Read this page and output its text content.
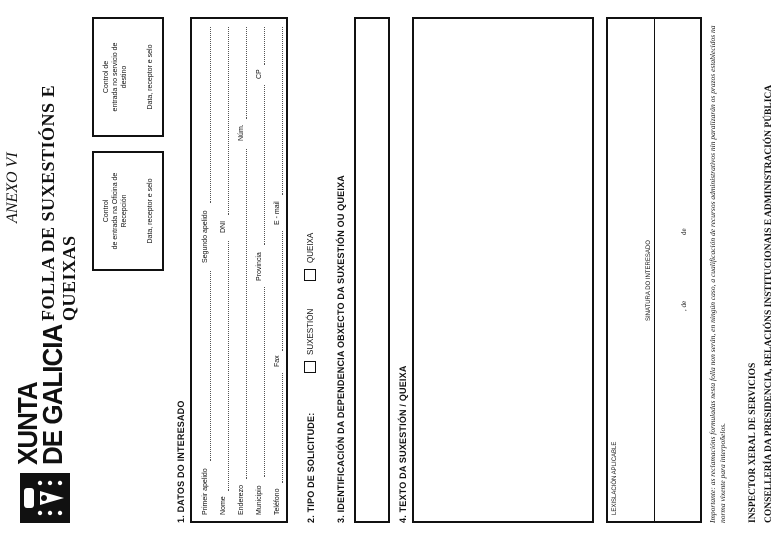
XUNTA
DE GALICIA
ANEXO VI FOLLA DE SUXESTIÓNS E QUEIXAS
Control de entrada na Oficina de Recepción	Data, receptor e selo
Control de entrada no servicio de destino	Data, receptor e selo
1. DATOS DO INTERESADO Primeir apelido
Segundo apelido
Nome
DNI
Enderezo
Núm.
Municipio
Provincia
CP
Teléfono
Fax
E - mail
2. TIPO DE SOLICITUDE:
SUXESTIÓN
QUEIXA 3. IDENTIFICACIÓN DA DEPENDENCIA OBXECTO DA SUXESTIÓN OU QUEIXA	4. TEXTO DA SUXESTIÓN / QUEIXA	LEXISLACIÓN APLICABLE
SINATURA DO INTERESADO	, de
de	Importante: as reclamacións formuladas nesta folla non serán, en ningún caso, a cualificación de recursos administrativos nin paralizarán os prazos establecidos na norma vixente para interpoñelos. INSPECTOR XERAL DE SERVICIOS CONSELLERÍA DA PRESIDENCIA, RELACIÓNS INSTITUCIONAIS E ADMINISTRACIÓN PÚBLICA
